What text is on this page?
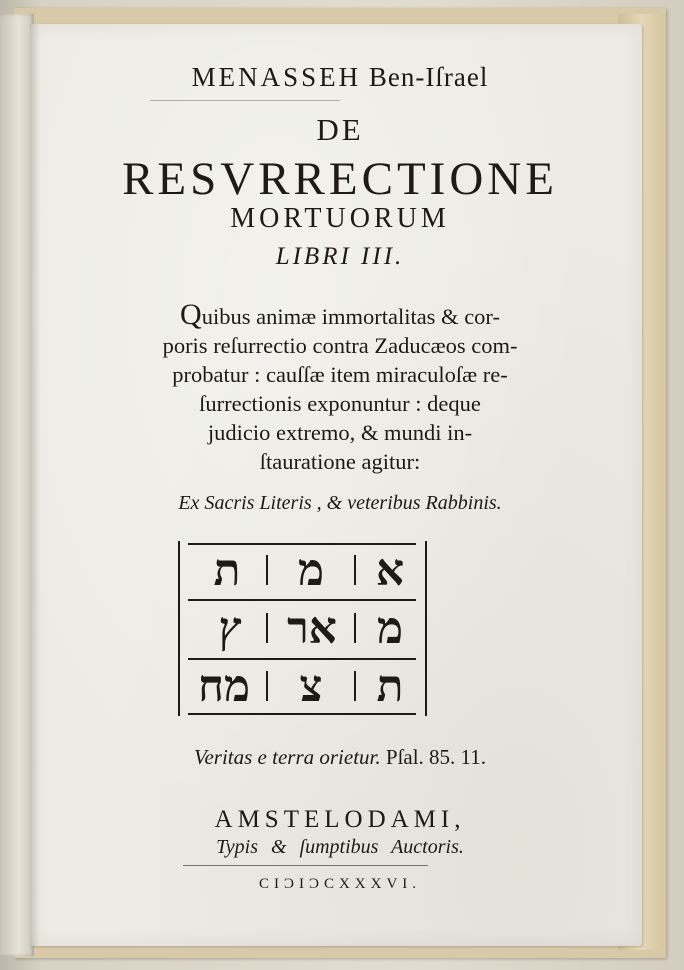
MENASSEH Ben-Iſrael
DE
RESVRRECTIONE
MORTUORUM
LIBRI III.
Quibus animæ immortalitas & cor-
poris reſurrectio contra Zaducæos com-
probatur : cauſſæ item miraculoſæ re-
ſurrectionis exponuntur : deque
judicio extremo, & mundi in-
ſtauratione agitur:
Ex Sacris Literis , & veteribus Rabbinis.
א
מ
ת
מ
אר
ץ
ת
צ
מח
Veritas e terra orietur. Pſal. 85. 11.
AMSTELODAMI,
Typis & ſumptibus Auctoris.
CIϽIϽCXXXVI.
